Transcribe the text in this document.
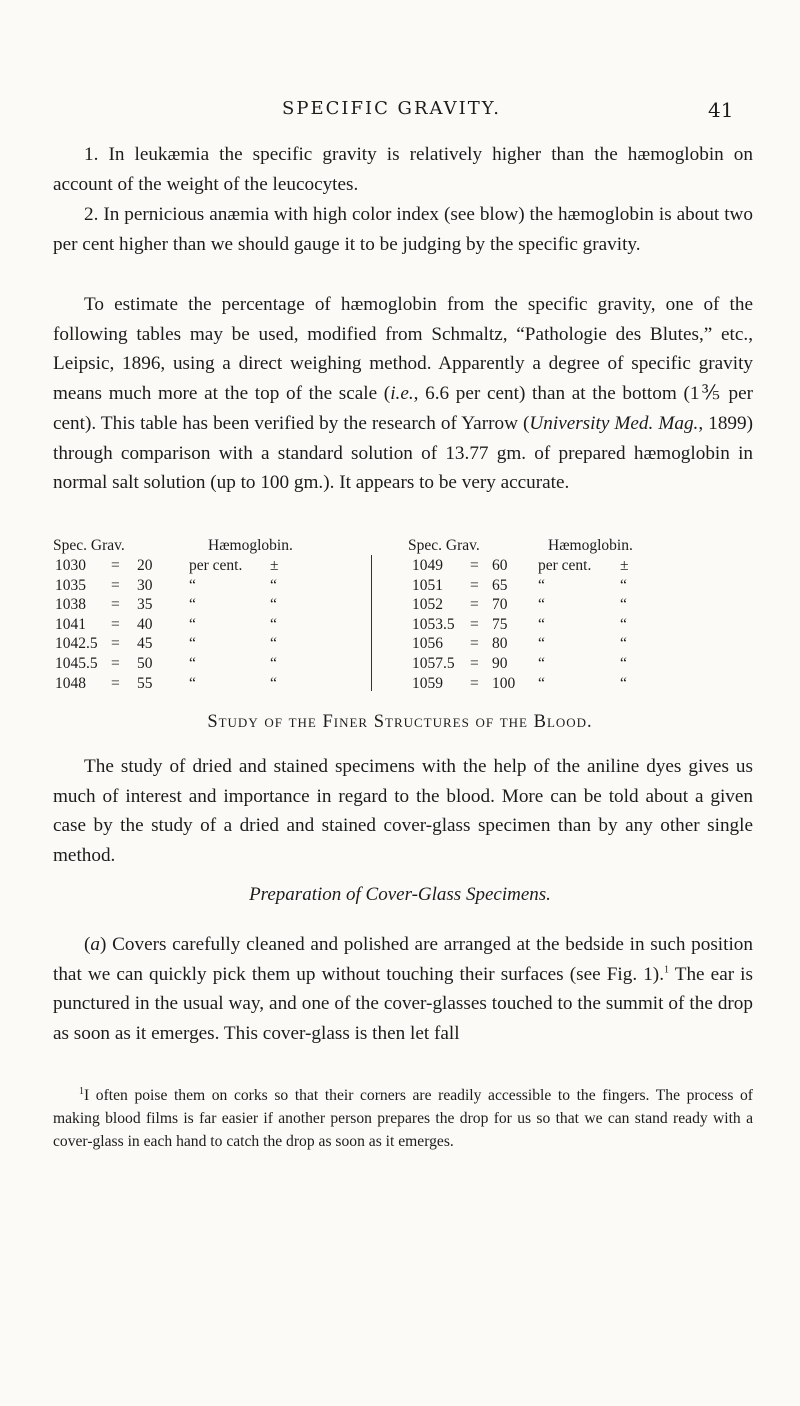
SPECIFIC GRAVITY.	41

1. In leukæmia the specific gravity is relatively higher than the hæmoglobin on account of the weight of the leucocytes.

2. In pernicious anæmia with high color index (see blow) the hæmoglobin is about two per cent higher than we should gauge it to be judging by the specific gravity.

To estimate the percentage of hæmoglobin from the specific gravity, one of the following tables may be used, modified from Schmaltz, “Pathologie des Blutes,” etc., Leipsic, 1896, using a direct weighing method. Apparently a degree of specific gravity means much more at the top of the scale (i.e., 6.6 per cent) than at the bottom (1⅗ per cent). This table has been verified by the research of Yarrow (University Med. Mag., 1899) through comparison with a standard solution of 13.77 gm. of prepared hæmoglobin in normal salt solution (up to 100 gm.). It appears to be very accurate.

Spec. Grav.	Hæmoglobin.
1030 = 20 per cent. ±
1035 = 30 “	“
1038 = 35 “	“
1041 = 40 “	“
1042.5 = 45 “	“
1045.5 = 50 “	“
1048 = 55 “	“
Spec. Grav.	Hæmoglobin.
1049 = 60 per cent. ±
1051 = 65 “	“
1052 = 70 “	“
1053.5 = 75 “	“
1056 = 80 “	“
1057.5 = 90 “	“
1059 = 100 “	“
Study of the Finer Structures of the Blood.

The study of dried and stained specimens with the help of the aniline dyes gives us much of interest and importance in regard to the blood. More can be told about a given case by the study of a dried and stained cover-glass specimen than by any other single method.

Preparation of Cover-Glass Specimens.

(a) Covers carefully cleaned and polished are arranged at the bedside in such position that we can quickly pick them up without touching their surfaces (see Fig. 1).$^1$ The ear is punctured in the usual way, and one of the cover-glasses touched to the summit of the drop as soon as it emerges. This cover-glass is then let fall

$^1$I often poise them on corks so that their corners are readily accessible to the fingers. The process of making blood films is far easier if another person prepares the drop for us so that we can stand ready with a cover-glass in each hand to catch the drop as soon as it emerges.
